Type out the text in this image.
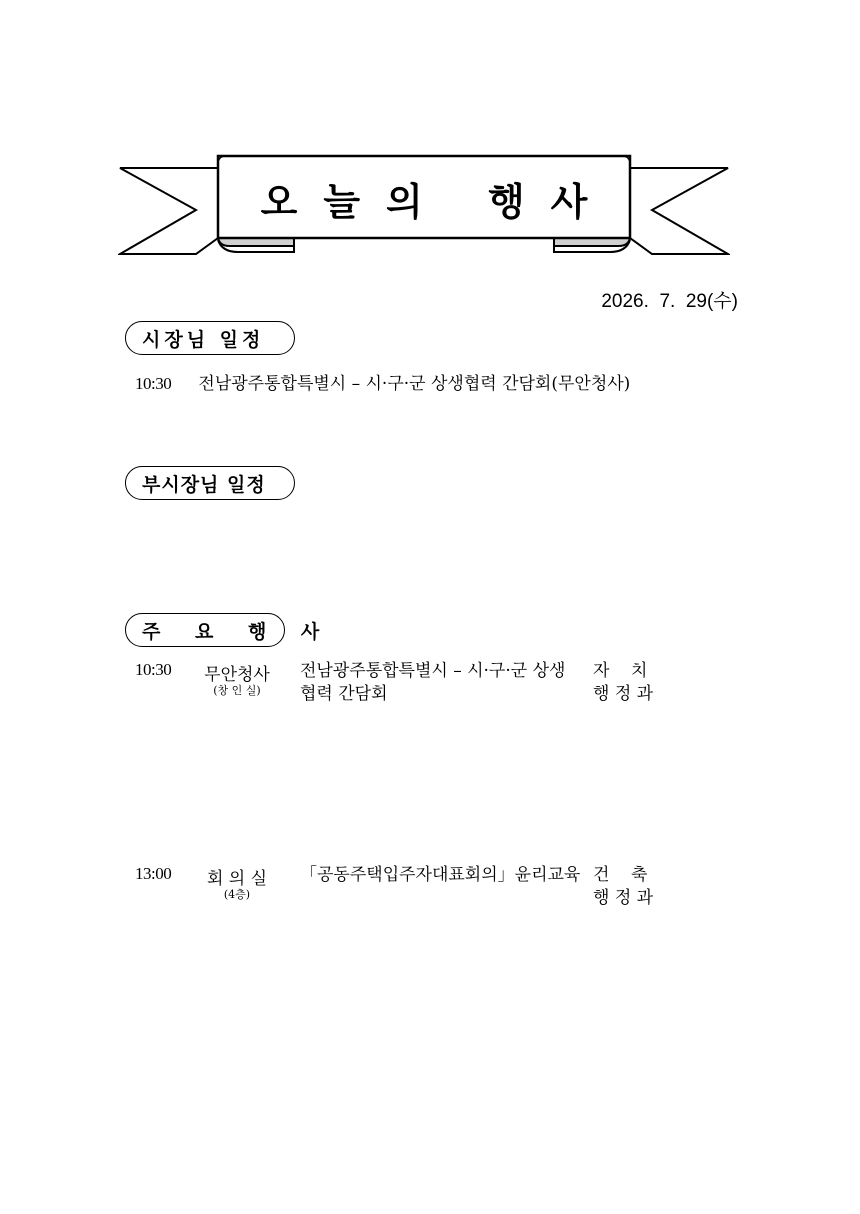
오늘의 행사
2026.  7.  29(수)
시장님 일정
10:30 전남광주통합특별시 – 시·구·군 상생협력 간담회(무안청사)
부시장님 일정
주 요 행 사
10:30	무안청사
(창 인 실)
전남광주통합특별시 – 시·구·군 상생
협력 간담회
자    치
행 정 과
13:00	회 의 실
(4층)
「공동주택입주자대표회의」윤리교육 건    축
행 정 과
